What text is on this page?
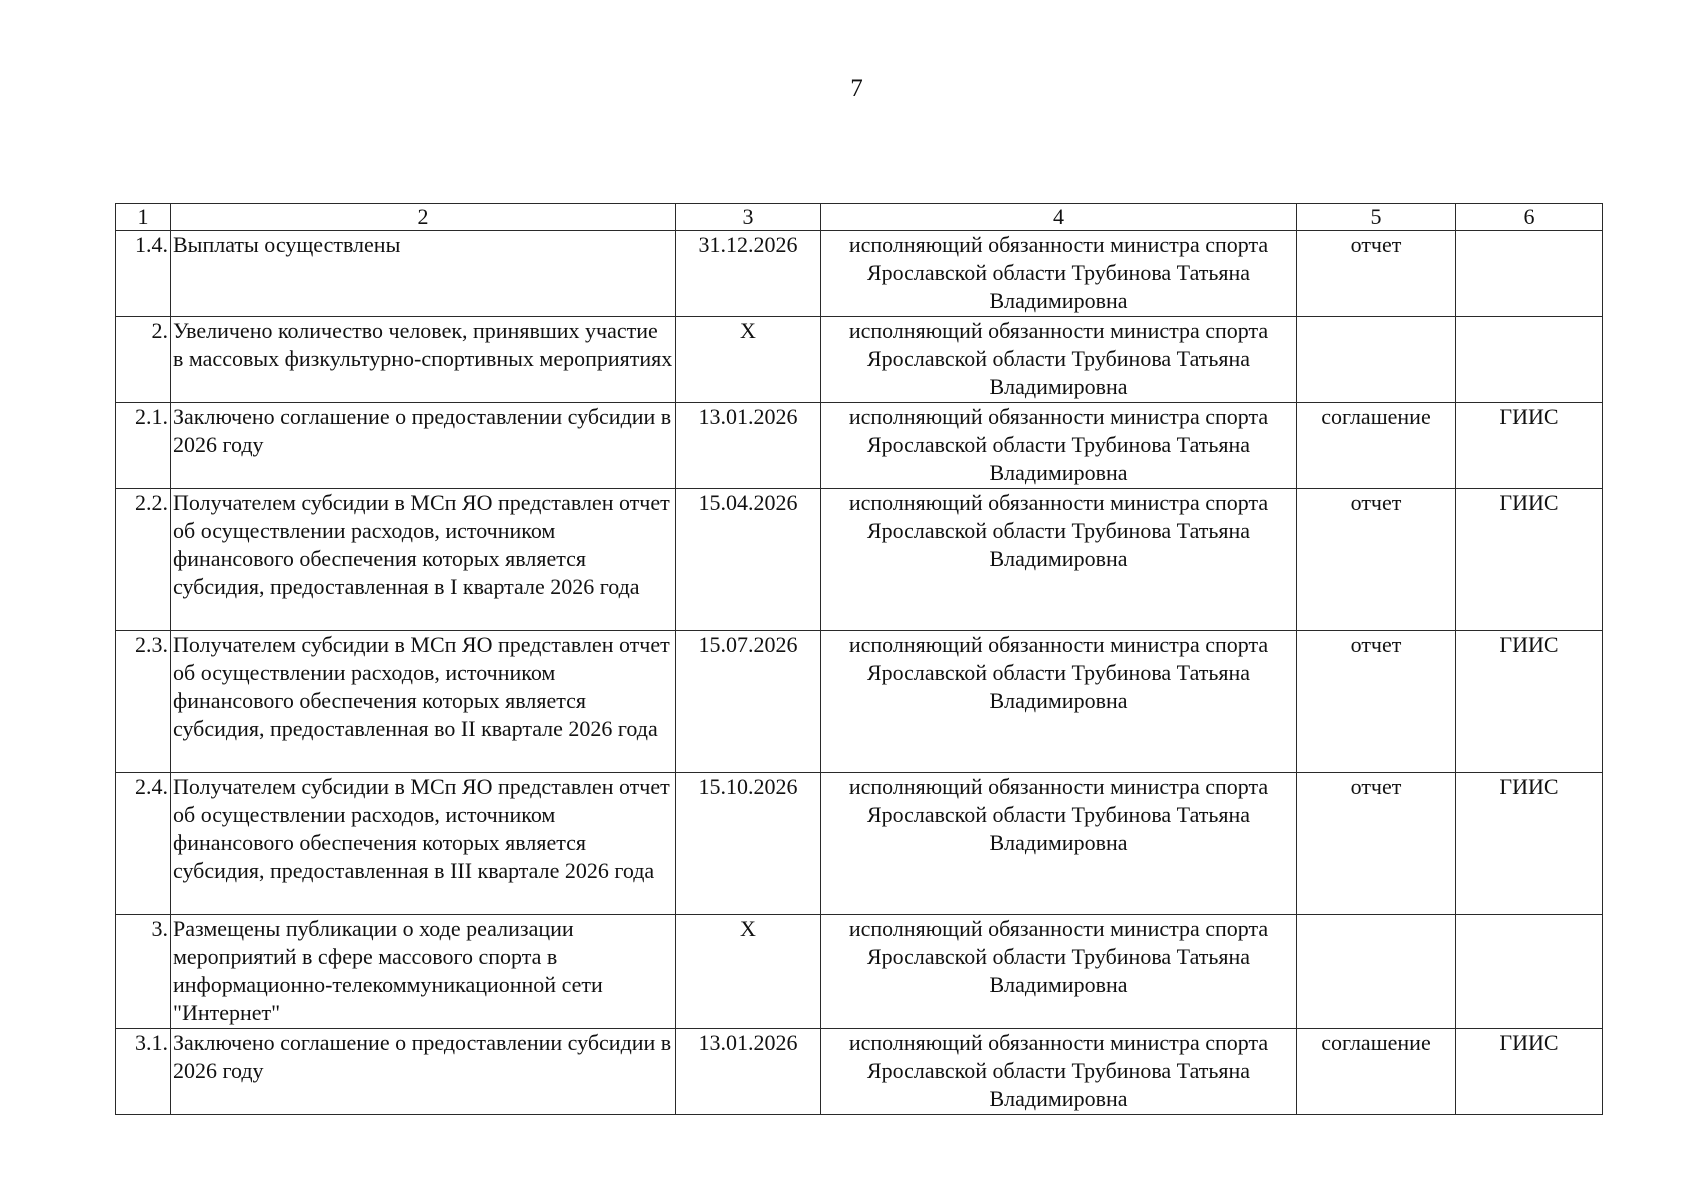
7
1	2	3	4	5	6
1.4.	Выплаты осуществлены	31.12.2026	исполняющий обязанности министра спорта Ярославской области Трубинова Татьяна Владимировна	отчет	
2.	Увеличено количество человек, принявших участие в массовых физкультурно-спортивных мероприятиях	X	исполняющий обязанности министра спорта Ярославской области Трубинова Татьяна Владимировна		
2.1.	Заключено соглашение о предоставлении субсидии в 2026 году	13.01.2026	исполняющий обязанности министра спорта Ярославской области Трубинова Татьяна Владимировна	соглашение	ГИИС
2.2.	Получателем субсидии в МСп ЯО представлен отчет об осуществлении расходов, источником финансового обеспечения которых является субсидия, предоставленная в I квартале 2026 года	15.04.2026	исполняющий обязанности министра спорта Ярославской области Трубинова Татьяна Владимировна	отчет	ГИИС
2.3.	Получателем субсидии в МСп ЯО представлен отчет об осуществлении расходов, источником финансового обеспечения которых является субсидия, предоставленная во II квартале 2026 года	15.07.2026	исполняющий обязанности министра спорта Ярославской области Трубинова Татьяна Владимировна	отчет	ГИИС
2.4.	Получателем субсидии в МСп ЯО представлен отчет об осуществлении расходов, источником финансового обеспечения которых является субсидия, предоставленная в III квартале 2026 года	15.10.2026	исполняющий обязанности министра спорта Ярославской области Трубинова Татьяна Владимировна	отчет	ГИИС
3.	Размещены публикации о ходе реализации мероприятий в сфере массового спорта в информационно-телекоммуникационной сети "Интернет"	X	исполняющий обязанности министра спорта Ярославской области Трубинова Татьяна Владимировна		
3.1.	Заключено соглашение о предоставлении субсидии в 2026 году	13.01.2026	исполняющий обязанности министра спорта Ярославской области Трубинова Татьяна Владимировна	соглашение	ГИИС
